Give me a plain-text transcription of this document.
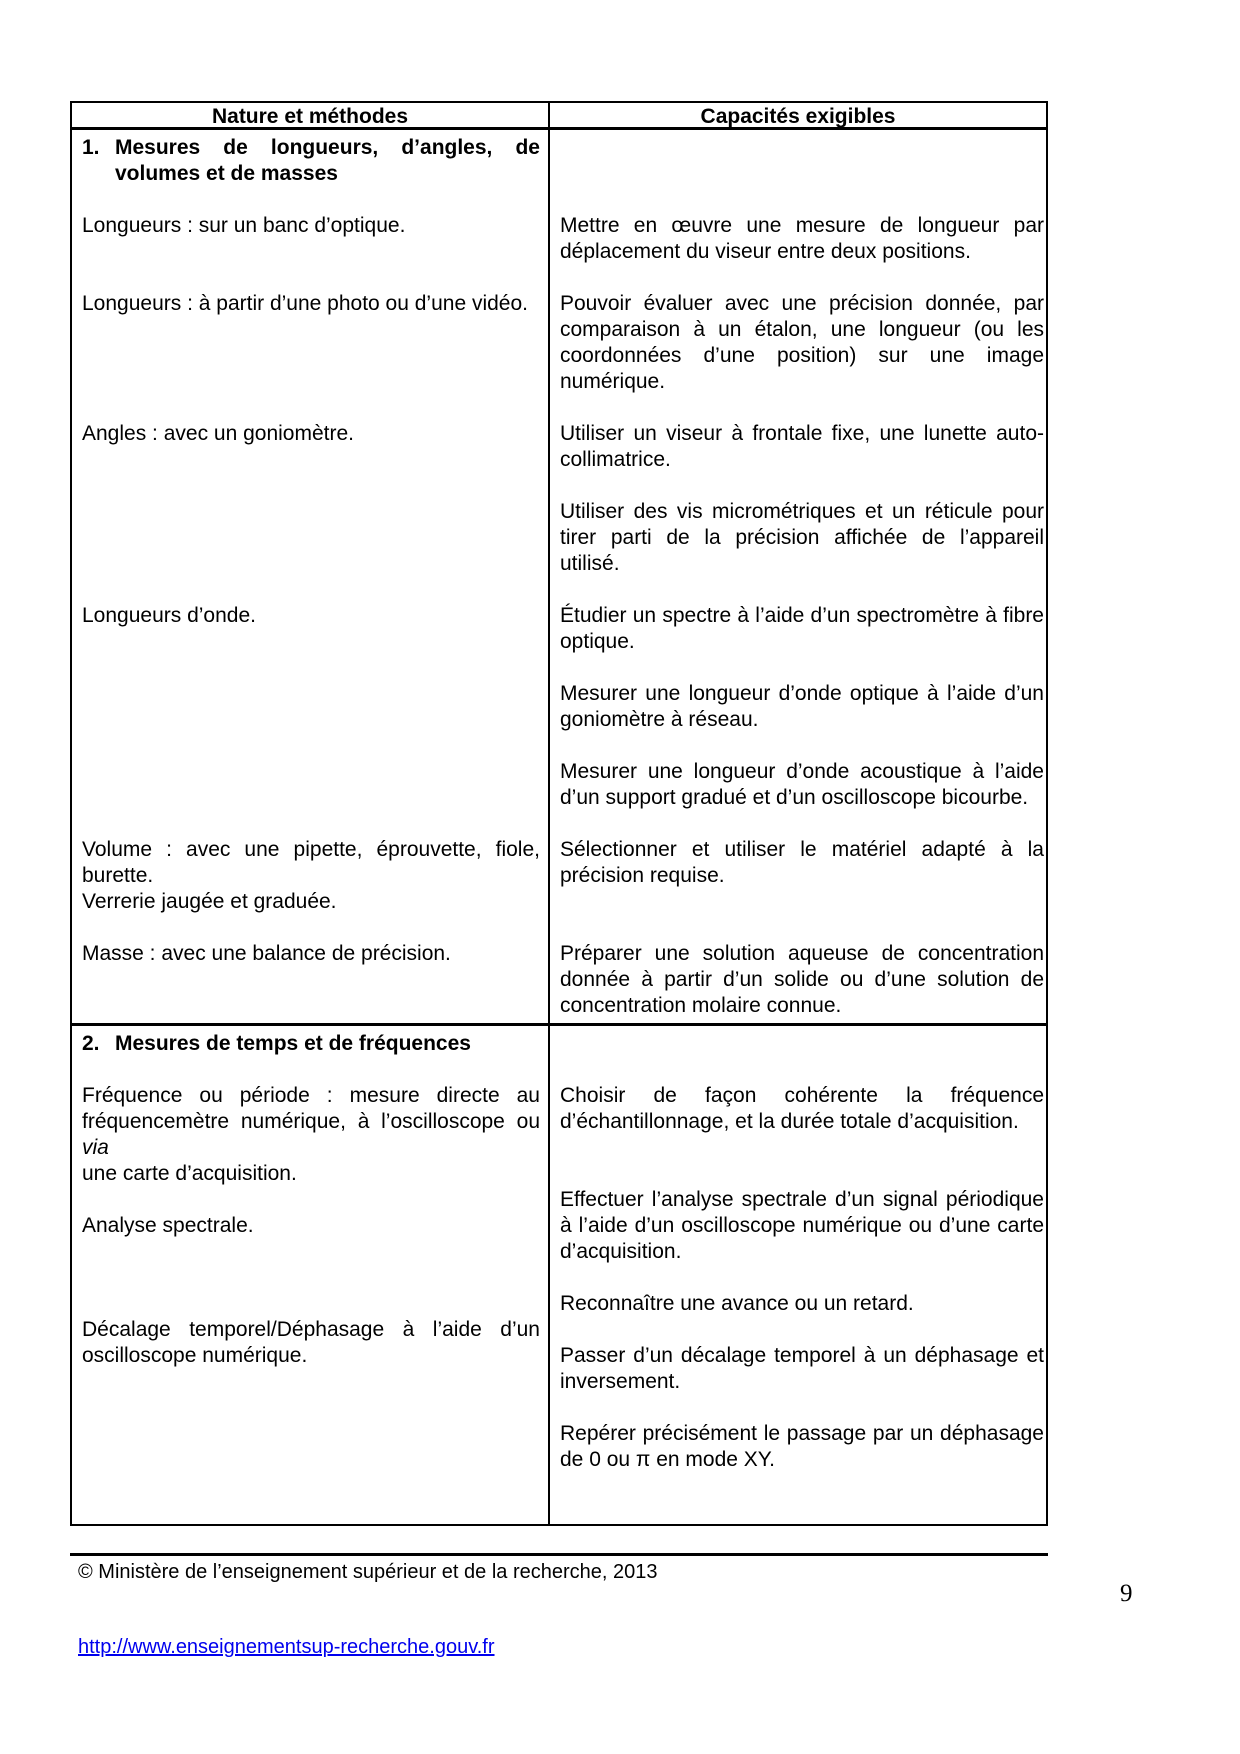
Nature et méthodes	Capacités exigibles

1. Mesures de longueurs, d’angles, de
volumes et de masses

Longueurs : sur un banc d’optique.

Longueurs : à partir d’une photo ou d’une vidéo.

Angles : avec un goniomètre.

Longueurs d’onde.

Volume : avec une pipette, éprouvette, fiole,
burette.
Verrerie jaugée et graduée.

Masse : avec une balance de précision.

Mettre en œuvre une mesure de longueur par
déplacement du viseur entre deux positions.

Pouvoir évaluer avec une précision donnée, par
comparaison à un étalon, une longueur (ou les
coordonnées d’une position) sur une image
numérique.

Utiliser un viseur à frontale fixe, une lunette auto-
collimatrice.

Utiliser des vis micrométriques et un réticule pour
tirer parti de la précision affichée de l’appareil
utilisé.

Étudier un spectre à l’aide d’un spectromètre à fibre
optique.

Mesurer une longueur d’onde optique à l’aide d’un
goniomètre à réseau.

Mesurer une longueur d’onde acoustique à l’aide
d’un support gradué et d’un oscilloscope bicourbe.

Sélectionner et utiliser le matériel adapté à la
précision requise.

Préparer une solution aqueuse de concentration
donnée à partir d’un solide ou d’une solution de
concentration molaire connue.

2. Mesures de temps et de fréquences

Fréquence ou période : mesure directe au
fréquencemètre numérique, à l’oscilloscope ou via
une carte d’acquisition.

Analyse spectrale.

Décalage temporel/Déphasage à l’aide d’un
oscilloscope numérique.

Choisir de façon cohérente la fréquence
d’échantillonnage, et la durée totale d’acquisition.

Effectuer l’analyse spectrale d’un signal périodique
à l’aide d’un oscilloscope numérique ou d’une carte
d’acquisition.

Reconnaître une avance ou un retard.

Passer d’un décalage temporel à un déphasage et
inversement.

Repérer précisément le passage par un déphasage
de 0 ou π en mode XY.

© Ministère de l’enseignement supérieur et de la recherche, 2013
9
http://www.enseignementsup-recherche.gouv.fr
